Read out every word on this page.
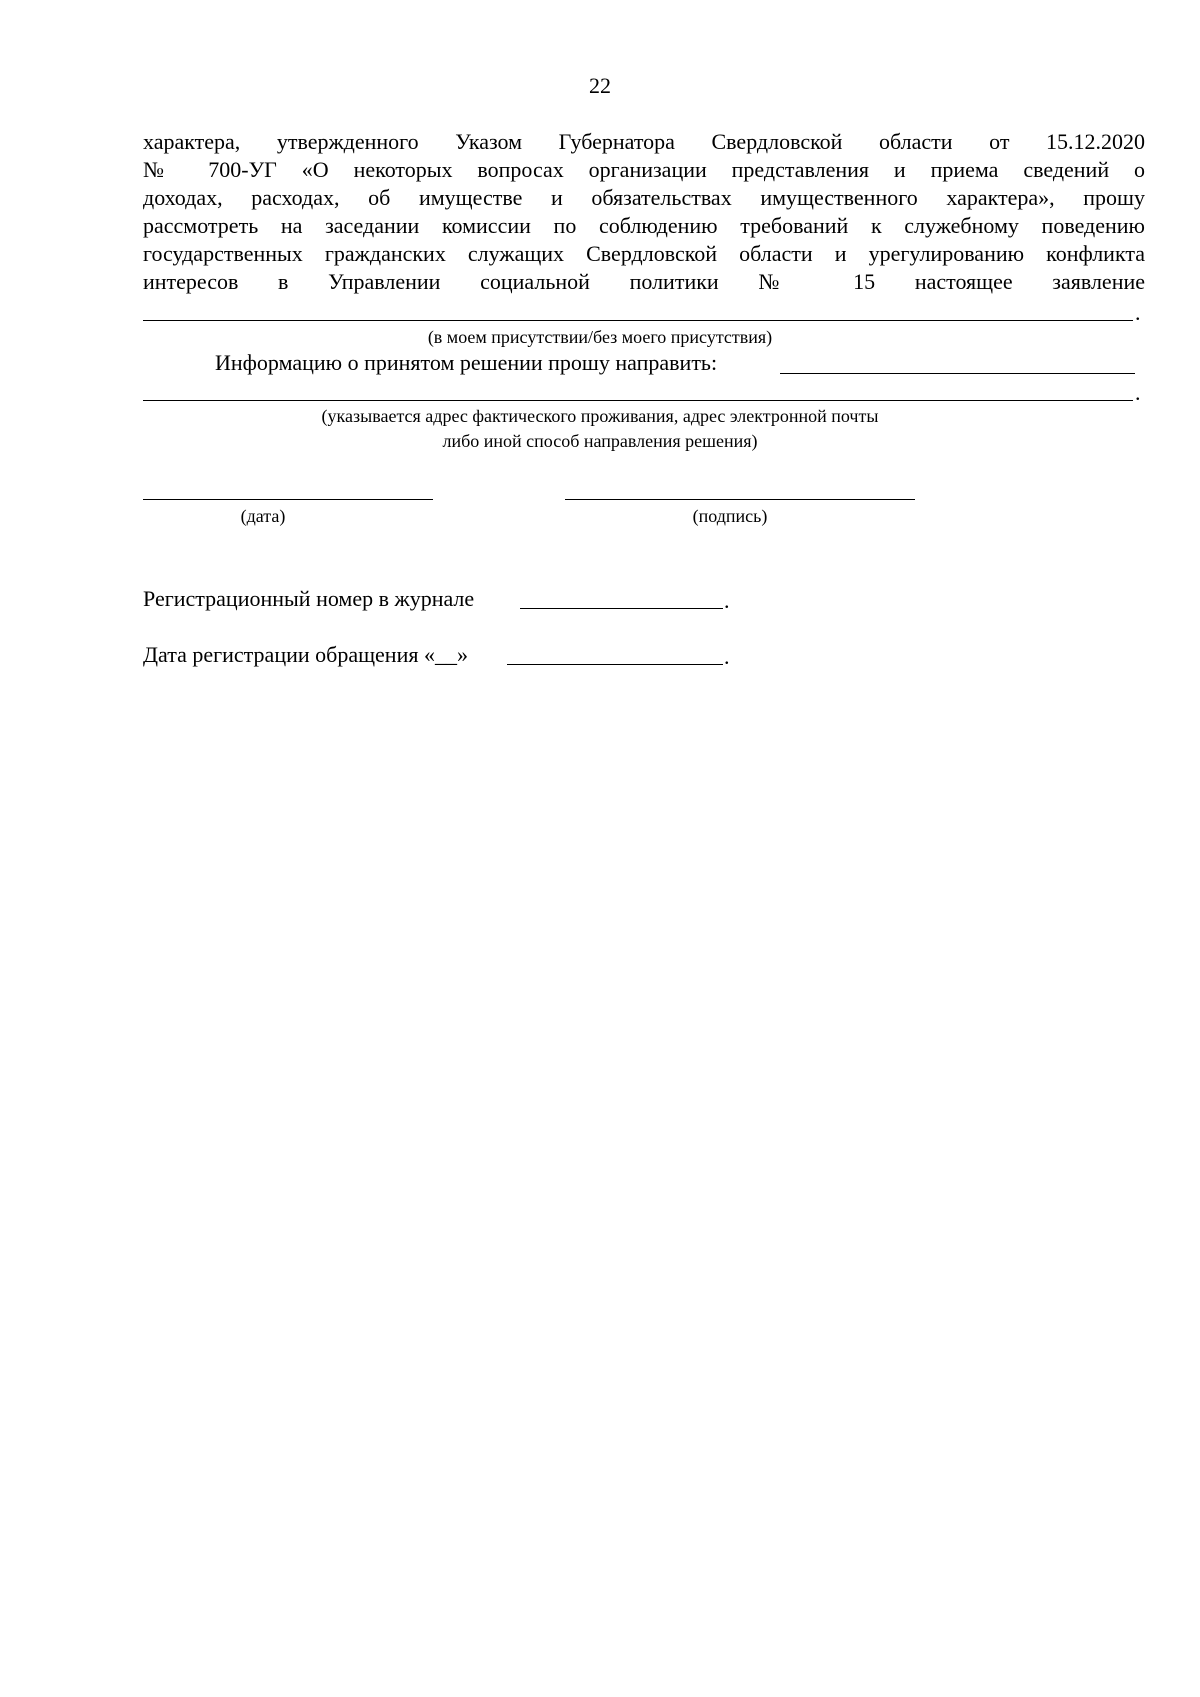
22
характера, утвержденного Указом Губернатора Свердловской области от 15.12.2020
№ 700-УГ «О некоторых вопросах организации представления и приема сведений о
доходах, расходах, об имуществе и обязательствах имущественного характера», прошу
рассмотреть на заседании комиссии по соблюдению требований к служебному поведению
государственных гражданских служащих Свердловской области и урегулированию конфликта
интересов в Управлении социальной политики № 15 настоящее заявление
.
(в моем присутствии/без моего присутствия)
Информацию о принятом решении прошу направить:
.
(указывается адрес фактического проживания, адрес электронной почты
либо иной способ направления решения)
(дата)	(подпись)
Регистрационный номер в журнале	.
Дата регистрации обращения «__»	.
